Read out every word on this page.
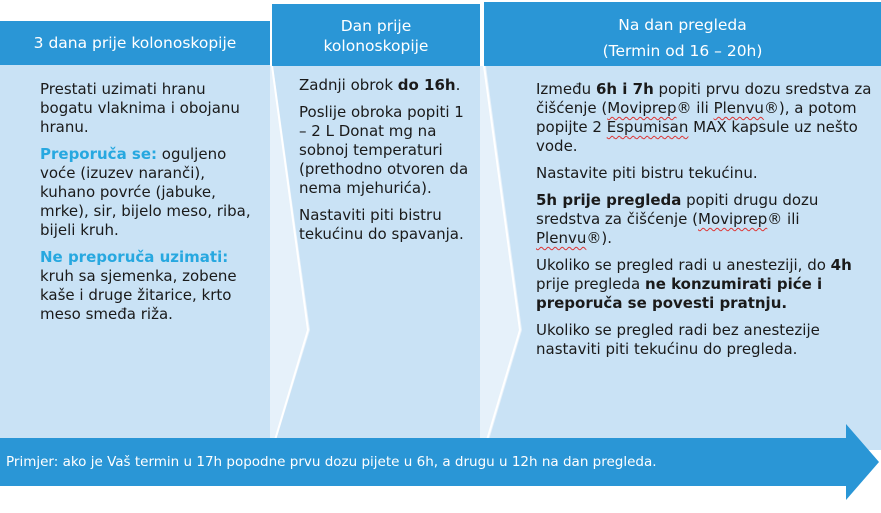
3 dana prije kolonoskopije
Dan prije
kolonoskopije
Na dan pregleda
(Termin od 16 – 20h)

Prestati uzimati hranu bogatu vlaknima i obojanu hranu.

Preporuča se: oguljeno voće (izuzev naranči), kuhano povrće (jabuke, mrke), sir, bijelo meso, riba, bijeli kruh.

Ne preporuča uzimati: kruh sa sjemenka, zobene kaše i druge žitarice, krto meso smeđa riža.

Zadnji obrok do 16h.

Poslije obroka popiti 1 – 2 L Donat mg na sobnoj temperaturi (prethodno otvoren da nema mjehurića).

Nastaviti piti bistru tekućinu do spavanja.

Između 6h i 7h popiti prvu dozu sredstva za čišćenje (Moviprep® ili Plenvu®), a potom popijte 2 Espumisan MAX kapsule uz nešto vode.

Nastavite piti bistru tekućinu.

5h prije pregleda popiti drugu dozu sredstva za čišćenje (Moviprep® ili Plenvu®).

Ukoliko se pregled radi u anesteziji, do 4h prije pregleda ne konzumirati piće i preporuča se povesti pratnju.

Ukoliko se pregled radi bez anestezije nastaviti piti tekućinu do pregleda.

Primjer: ako je Vaš termin u 17h popodne prvu dozu pijete u 6h, a drugu u 12h na dan pregleda.
